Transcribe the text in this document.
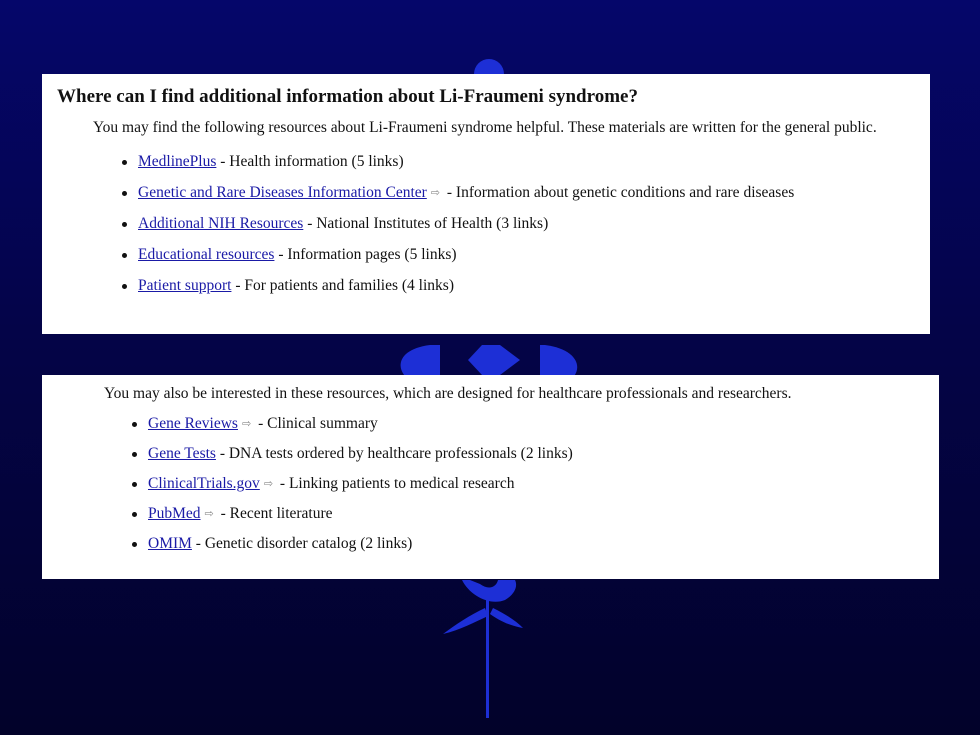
Where can I find additional information about Li-Fraumeni syndrome?

You may find the following resources about Li-Fraumeni syndrome helpful. These materials are written for the general public.

MedlinePlus - Health information (5 links)
Genetic and Rare Diseases Information Center ⇨ - Information about genetic conditions and rare diseases
Additional NIH Resources - National Institutes of Health (3 links)
Educational resources - Information pages (5 links)
Patient support - For patients and families (4 links)

You may also be interested in these resources, which are designed for healthcare professionals and researchers.

Gene Reviews ⇨ - Clinical summary
Gene Tests - DNA tests ordered by healthcare professionals (2 links)
ClinicalTrials.gov ⇨ - Linking patients to medical research
PubMed ⇨ - Recent literature
OMIM - Genetic disorder catalog (2 links)
